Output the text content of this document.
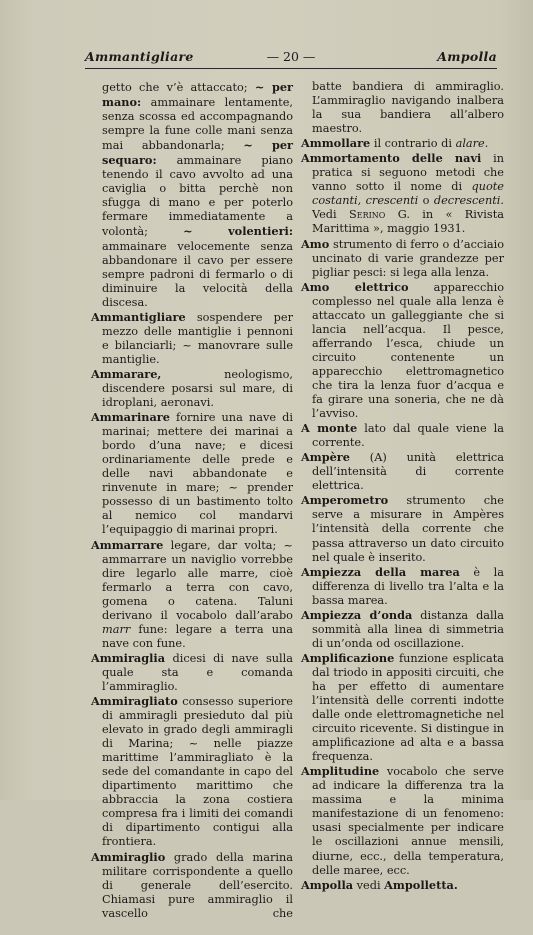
Ammantigliare	— 20 —	Ampolla

getto che v’è attaccato; ~ per mano: ammainare lentamente, senza scossa ed accompagnando sempre la fune colle mani senza mai abbandonarla; ~ per sequaro: ammainare piano tenendo il cavo avvolto ad una caviglia o bitta perchè non sfugga di mano e per poterlo fermare immediatamente a volontà; ~ volentieri: ammainare velocemente senza abbandonare il cavo per essere sempre padroni di fermarlo o di diminuire la velocità della discesa.

Ammantigliare sospendere per mezzo delle mantiglie i pennoni e bilanciarli; ~ manovrare sulle mantiglie.

Ammarare, neologismo, discendere posarsi sul mare, di idroplani, aeronavi.

Ammarinare fornire una nave di marinai; mettere dei marinai a bordo d’una nave; e dicesi ordinariamente delle prede e delle navi abbandonate e rinvenute in mare; ~ prender possesso di un bastimento tolto al nemico col mandarvi l’equipaggio di marinai propri.

Ammarrare legare, dar volta; ~ ammarrare un naviglio vorrebbe dire legarlo alle marre, cioè fermarlo a terra con cavo, gomena o catena. Taluni derivano il vocabolo dall’arabo marr fune: legare a terra una nave con fune.

Ammiraglia dicesi di nave sulla quale sta e comanda l’ammiraglio.

Ammiragliato consesso superiore di ammiragli presieduto dal più elevato in grado degli ammiragli di Marina; ~ nelle piazze marittime l’ammiragliato è la sede del comandante in capo del dipartimento marittimo che abbraccia la zona costiera compresa fra i limiti dei comandi di dipartimento contigui alla frontiera.

Ammiraglio grado della marina militare corrispondente a quello di generale dell’esercito. Chiamasi pure ammiraglio il vascello che

batte bandiera di ammiraglio. L’ammiraglio navigando inalbera la sua bandiera all’albero maestro.

Ammollare il contrario di alare.

Ammortamento delle navi in pratica si seguono metodi che vanno sotto il nome di quote costanti, crescenti o decrescenti. Vedi Serino G. in « Rivista Marittima », maggio 1931.

Amo strumento di ferro o d’acciaio uncinato di varie grandezze per pigliar pesci: si lega alla lenza.

Amo elettrico apparecchio complesso nel quale alla lenza è attaccato un galleggiante che si lancia nell’acqua. Il pesce, afferrando l’esca, chiude un circuito contenente un apparecchio elettromagnetico che tira la lenza fuor d’acqua e fa girare una soneria, che ne dà l’avviso.

A monte lato dal quale viene la corrente.

Ampère (A) unità elettrica dell’intensità di corrente elettrica.

Amperometro strumento che serve a misurare in Ampères l’intensità della corrente che passa attraverso un dato circuito nel quale è inserito.

Ampiezza della marea è la differenza di livello tra l’alta e la bassa marea.

Ampiezza d’onda distanza dalla sommità alla linea di simmetria di un’onda od oscillazione.

Amplificazione funzione esplicata dal triodo in appositi circuiti, che ha per effetto di aumentare l’intensità delle correnti indotte dalle onde elettromagnetiche nel circuito ricevente. Si distingue in amplificazione ad alta e a bassa frequenza.

Amplitudine vocabolo che serve ad indicare la differenza tra la massima e la minima manifestazione di un fenomeno: usasi specialmente per indicare le oscillazioni annue mensili, diurne, ecc., della temperatura, delle maree, ecc.

Ampolla vedi Ampolletta.
